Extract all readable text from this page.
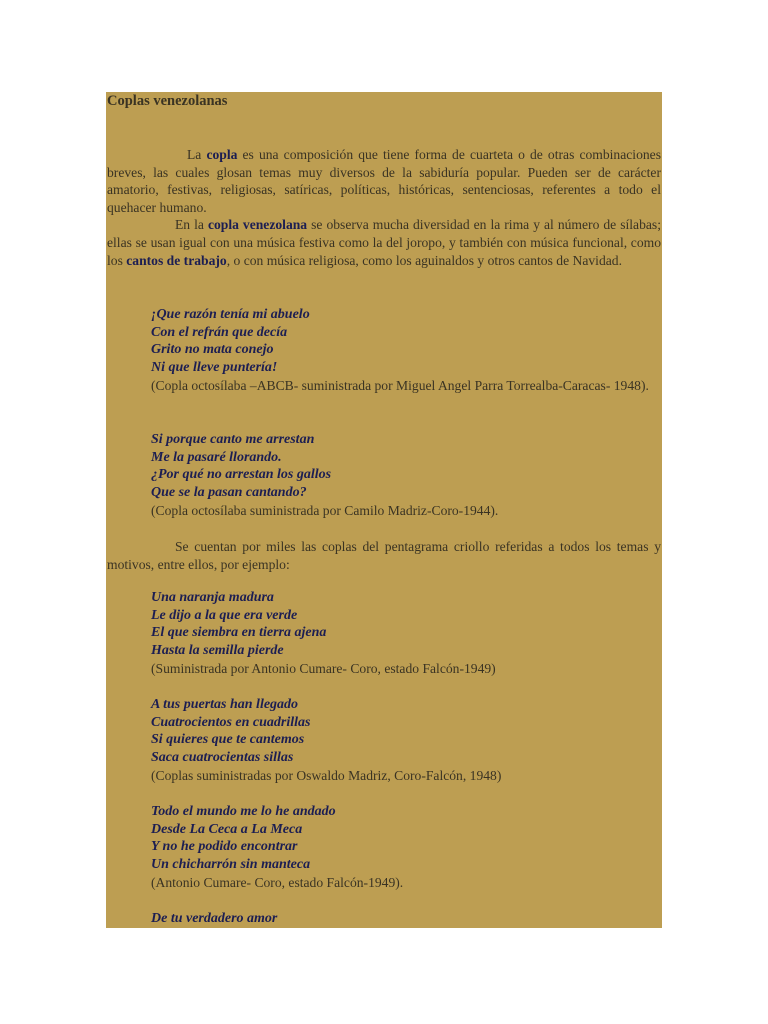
Coplas venezolanas
La copla es una composición que tiene forma de cuarteta o de otras combinaciones breves, las cuales glosan temas muy diversos de la sabiduría popular. Pueden ser de carácter amatorio, festivas, religiosas, satíricas, políticas, históricas, sentenciosas, referentes a todo el quehacer humano.
En la copla venezolana se observa mucha diversidad en la rima y al número de sílabas; ellas se usan igual con una música festiva como la del joropo, y también con música funcional, como los cantos de trabajo, o con música religiosa, como los aguinaldos y otros cantos de Navidad.
¡Que razón tenía mi abuelo
Con el refrán que decía
Grito no mata conejo
Ni que lleve puntería!
(Copla octosílaba –ABCB- suministrada por Miguel Angel Parra Torrealba-Caracas- 1948).
Si porque canto me arrestan
Me la pasaré llorando.
¿Por qué no arrestan los gallos
Que se la pasan cantando?
(Copla octosílaba suministrada por Camilo Madriz-Coro-1944).
Se cuentan por miles las coplas del pentagrama criollo referidas a todos los temas y motivos, entre ellos, por ejemplo:
Una naranja madura
Le dijo a la que era verde
El que siembra en tierra ajena
Hasta la semilla pierde
(Suministrada por Antonio Cumare- Coro, estado Falcón-1949)
A tus puertas han llegado
Cuatrocientos en cuadrillas
Si quieres que te cantemos
Saca cuatrocientas sillas
(Coplas suministradas por Oswaldo Madriz, Coro-Falcón, 1948)
Todo el mundo me lo he andado
Desde La Ceca a La Meca
Y no he podido encontrar
Un chicharrón sin manteca
(Antonio Cumare- Coro, estado Falcón-1949).
De tu verdadero amor
